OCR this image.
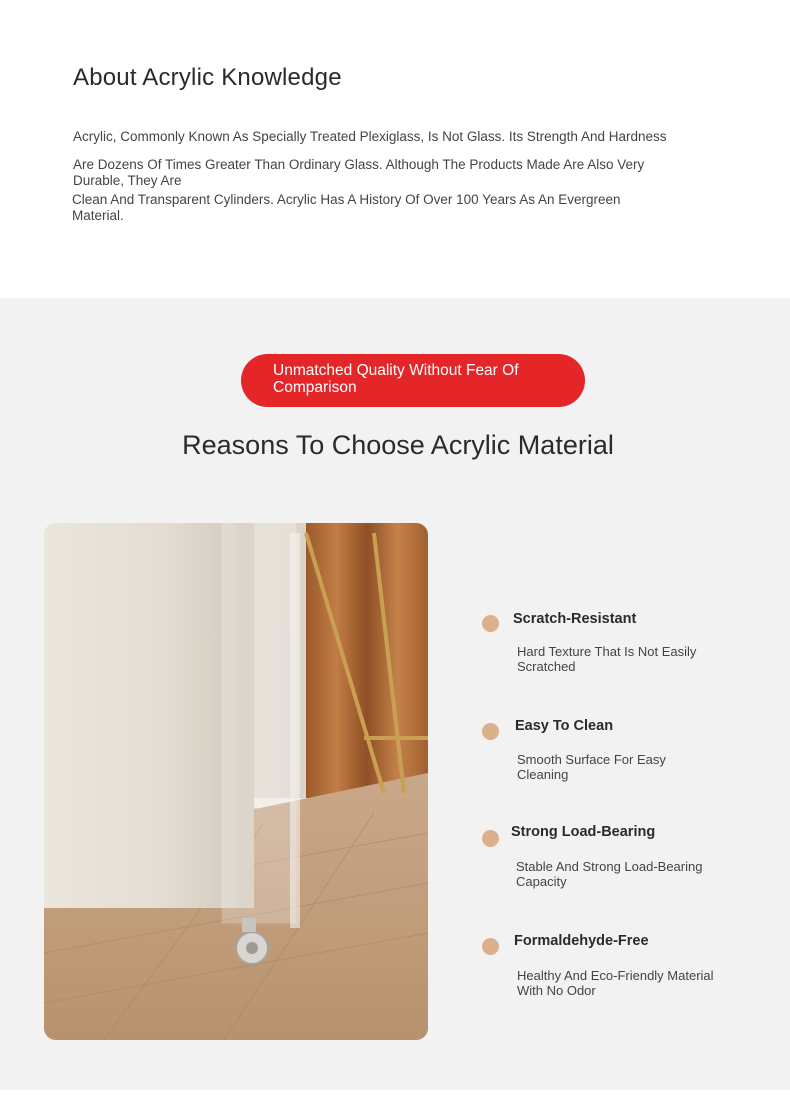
About Acrylic Knowledge

Acrylic, Commonly Known As Specially Treated Plexiglass, Is Not Glass. Its Strength And Hardness

Are Dozens Of Times Greater Than Ordinary Glass. Although The Products Made Are Also Very Durable, They Are

Clean And Transparent Cylinders. Acrylic Has A History Of Over 100 Years As An Evergreen Material.

Unmatched Quality Without Fear Of Comparison
Reasons To Choose Acrylic Material
Scratch-Resistant

Hard Texture That Is Not Easily Scratched

Easy To Clean

Smooth Surface For Easy Cleaning

Strong Load-Bearing

Stable And Strong Load-Bearing Capacity

Formaldehyde-Free

Healthy And Eco-Friendly Material With No Odor
